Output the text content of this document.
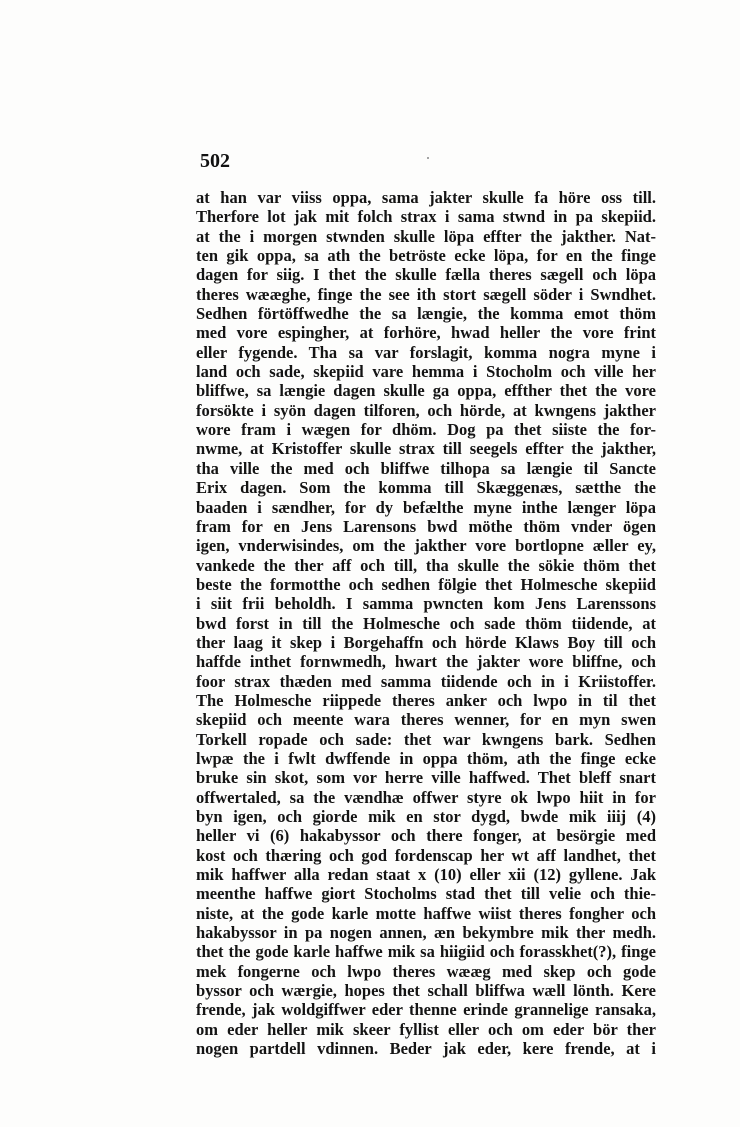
502
at han var viiss oppa, sama jakter skulle fa höre oss till.
Therfore lot jak mit folch strax i sama stwnd in pa skepiid.
at the i morgen stwnden skulle löpa effter the jakther. Nat-
ten gik oppa, sa ath the betröste ecke löpa, for en the finge
dagen for siig. I thet the skulle fælla theres sægell och löpa
theres wææghe, finge the see ith stort sægell söder i Swndhet.
Sedhen förtöffwedhe the sa længie, the komma emot thöm
med vore espingher, at forhöre, hwad heller the vore frint
eller fygende. Tha sa var forslagit, komma nogra myne i
land och sade, skepiid vare hemma i Stocholm och ville her
bliffwe, sa længie dagen skulle ga oppa, effther thet the vore
forsökte i syön dagen tilforen, och hörde, at kwngens jakther
wore fram i wægen for dhöm. Dog pa thet siiste the for-
nwme, at Kristoffer skulle strax till seegels effter the jakther,
tha ville the med och bliffwe tilhopa sa længie til Sancte
Erix dagen. Som the komma till Skæggenæs, sætthe the
baaden i sændher, for dy befælthe myne inthe længer löpa
fram for en Jens Larensons bwd möthe thöm vnder ögen
igen, vnderwisindes, om the jakther vore bortlopne æller ey,
vankede the ther aff och till, tha skulle the sökie thöm thet
beste the formotthe och sedhen fölgie thet Holmesche skepiid
i siit frii beholdh. I samma pwncten kom Jens Larenssons
bwd forst in till the Holmesche och sade thöm tiidende, at
ther laag it skep i Borgehaffn och hörde Klaws Boy till och
haffde inthet fornwmedh, hwart the jakter wore bliffne, och
foor strax thæden med samma tiidende och in i Kriistoffer.
The Holmesche riippede theres anker och lwpo in til thet
skepiid och meente wara theres wenner, for en myn swen
Torkell ropade och sade: thet war kwngens bark. Sedhen
lwpæ the i fwlt dwffende in oppa thöm, ath the finge ecke
bruke sin skot, som vor herre ville haffwed. Thet bleff snart
offwertaled, sa the vændhæ offwer styre ok lwpo hiit in for
byn igen, och giorde mik en stor dygd, bwde mik iiij (4)
heller vi (6) hakabyssor och there fonger, at besörgie med
kost och thæring och god fordenscap her wt aff landhet, thet
mik haffwer alla redan staat x (10) eller xii (12) gyllene. Jak
meenthe haffwe giort Stocholms stad thet till velie och thie-
niste, at the gode karle motte haffwe wiist theres fongher och
hakabyssor in pa nogen annen, æn bekymbre mik ther medh.
thet the gode karle haffwe mik sa hiigiid och forasskhet(?), finge
mek fongerne och lwpo theres wææg med skep och gode
byssor och wærgie, hopes thet schall bliffwa wæll lönth. Kere
frende, jak woldgiffwer eder thenne erinde grannelige ransaka,
om eder heller mik skeer fyllist eller och om eder bör ther
nogen partdell vdinnen. Beder jak eder, kere frende, at i
